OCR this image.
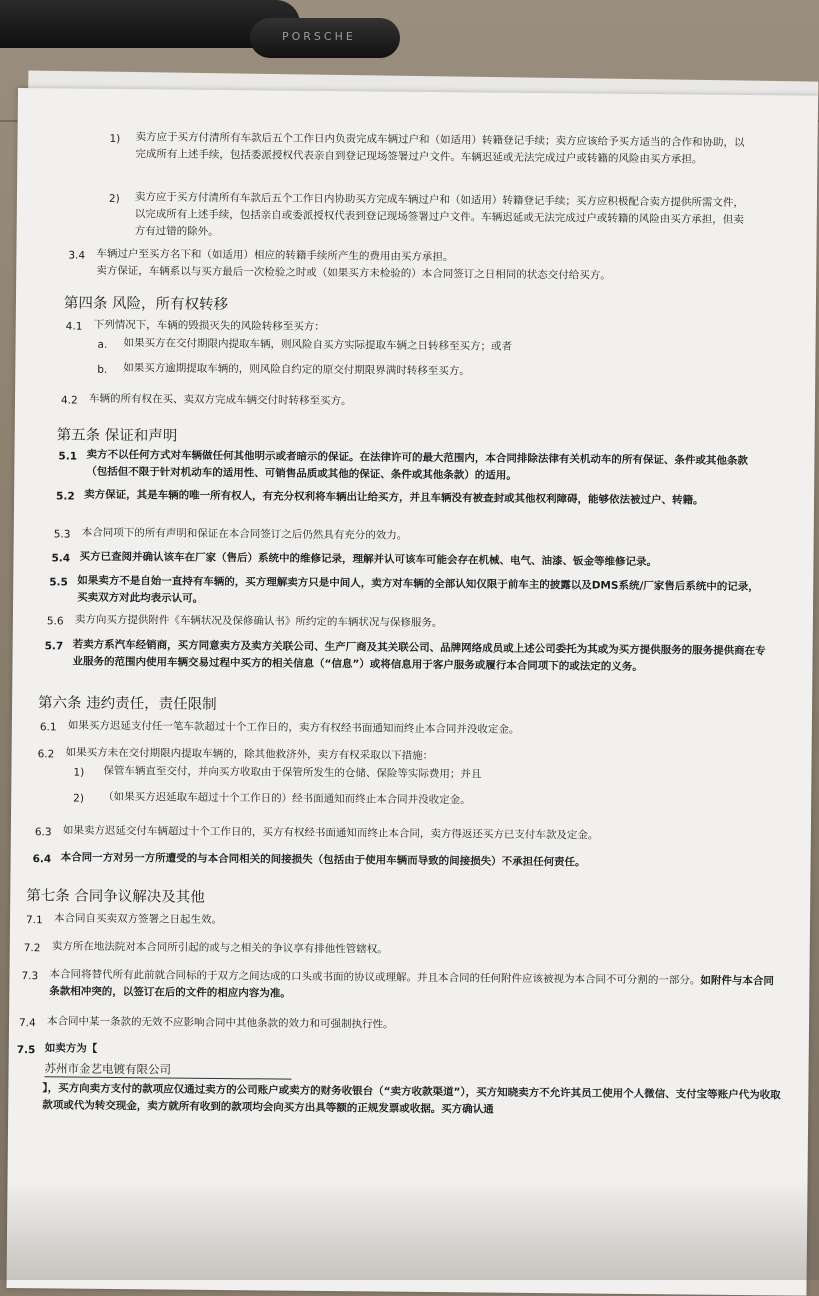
PORSCHE
1) 卖方应于买方付清所有车款后五个工作日内负责完成车辆过户和（如适用）转籍登记手续；卖方应该给予买方适当的合作和协助，以完成所有上述手续，包括委派授权代表亲自到登记现场签署过户文件。车辆迟延或无法完成过户或转籍的风险由买方承担。
2) 卖方应于买方付清所有车款后五个工作日内协助买方完成车辆过户和（如适用）转籍登记手续；买方应积极配合卖方提供所需文件，以完成所有上述手续，包括亲自或委派授权代表到登记现场签署过户文件。车辆迟延或无法完成过户或转籍的风险由买方承担，但卖方有过错的除外。
3.4 车辆过户至买方名下和（如适用）相应的转籍手续所产生的费用由买方承担。
卖方保证，车辆系以与买方最后一次检验之时或（如果买方未检验的）本合同签订之日相同的状态交付给买方。
第四条 风险，所有权转移
4.1 下列情况下，车辆的毁损灭失的风险转移至买方：
a. 如果买方在交付期限内提取车辆，则风险自买方实际提取车辆之日转移至买方；或者
b. 如果买方逾期提取车辆的，则风险自约定的原交付期限界满时转移至买方。
4.2 车辆的所有权在买、卖双方完成车辆交付时转移至买方。
第五条 保证和声明
5.1 卖方不以任何方式对车辆做任何其他明示或者暗示的保证。在法律许可的最大范围内，本合同排除法律有关机动车的所有保证、条件或其他条款（包括但不限于针对机动车的适用性、可销售品质或其他的保证、条件或其他条款）的适用。
5.2 卖方保证，其是车辆的唯一所有权人，有充分权利将车辆出让给买方，并且车辆没有被查封或其他权利障碍，能够依法被过户、转籍。
5.3 本合同项下的所有声明和保证在本合同签订之后仍然具有充分的效力。
5.4 买方已查阅并确认该车在厂家（售后）系统中的维修记录，理解并认可该车可能会存在机械、电气、油漆、钣金等维修记录。
5.5 如果卖方不是自始一直持有车辆的，买方理解卖方只是中间人，卖方对车辆的全部认知仅限于前车主的披露以及DMS系统/厂家售后系统中的记录，买卖双方对此均表示认可。
5.6 卖方向买方提供附件《车辆状况及保修确认书》所约定的车辆状况与保修服务。
5.7 若卖方系汽车经销商，买方同意卖方及卖方关联公司、生产厂商及其关联公司、品牌网络成员或上述公司委托为其或为买方提供服务的服务提供商在专业服务的范围内使用车辆交易过程中买方的相关信息（“信息”）或将信息用于客户服务或履行本合同项下的或法定的义务。
第六条 违约责任，责任限制
6.1 如果买方迟延支付任一笔车款超过十个工作日的，卖方有权经书面通知而终止本合同并没收定金。
6.2 如果买方未在交付期限内提取车辆的，除其他救济外，卖方有权采取以下措施：
1) 保管车辆直至交付，并向买方收取由于保管所发生的仓储、保险等实际费用；并且
2) （如果买方迟延取车超过十个工作日的）经书面通知而终止本合同并没收定金。
6.3 如果卖方迟延交付车辆超过十个工作日的，买方有权经书面通知而终止本合同，卖方得返还买方已支付车款及定金。
6.4 本合同一方对另一方所遭受的与本合同相关的间接损失（包括由于使用车辆而导致的间接损失）不承担任何责任。
第七条 合同争议解决及其他
7.1 本合同自买卖双方签署之日起生效。
7.2 卖方所在地法院对本合同所引起的或与之相关的争议享有排他性管辖权。
7.3 本合同将替代所有此前就合同标的于双方之间达成的口头或书面的协议或理解。并且本合同的任何附件应该被视为本合同不可分割的一部分。如附件与本合同条款相冲突的，以签订在后的文件的相应内容为准。
7.4 本合同中某一条款的无效不应影响合同中其他条款的效力和可强制执行性。
7.5 如卖方为【
苏州市金艺电镀有限公司
】，买方向卖方支付的款项应仅通过卖方的公司账户或卖方的财务收银台（“卖方收款渠道”），买方知晓卖方不允许其员工使用个人微信、支付宝等账户代为收取款项或代为转交现金，卖方就所有收到的款项均会向买方出具等额的正规发票或收据。买方确认通
